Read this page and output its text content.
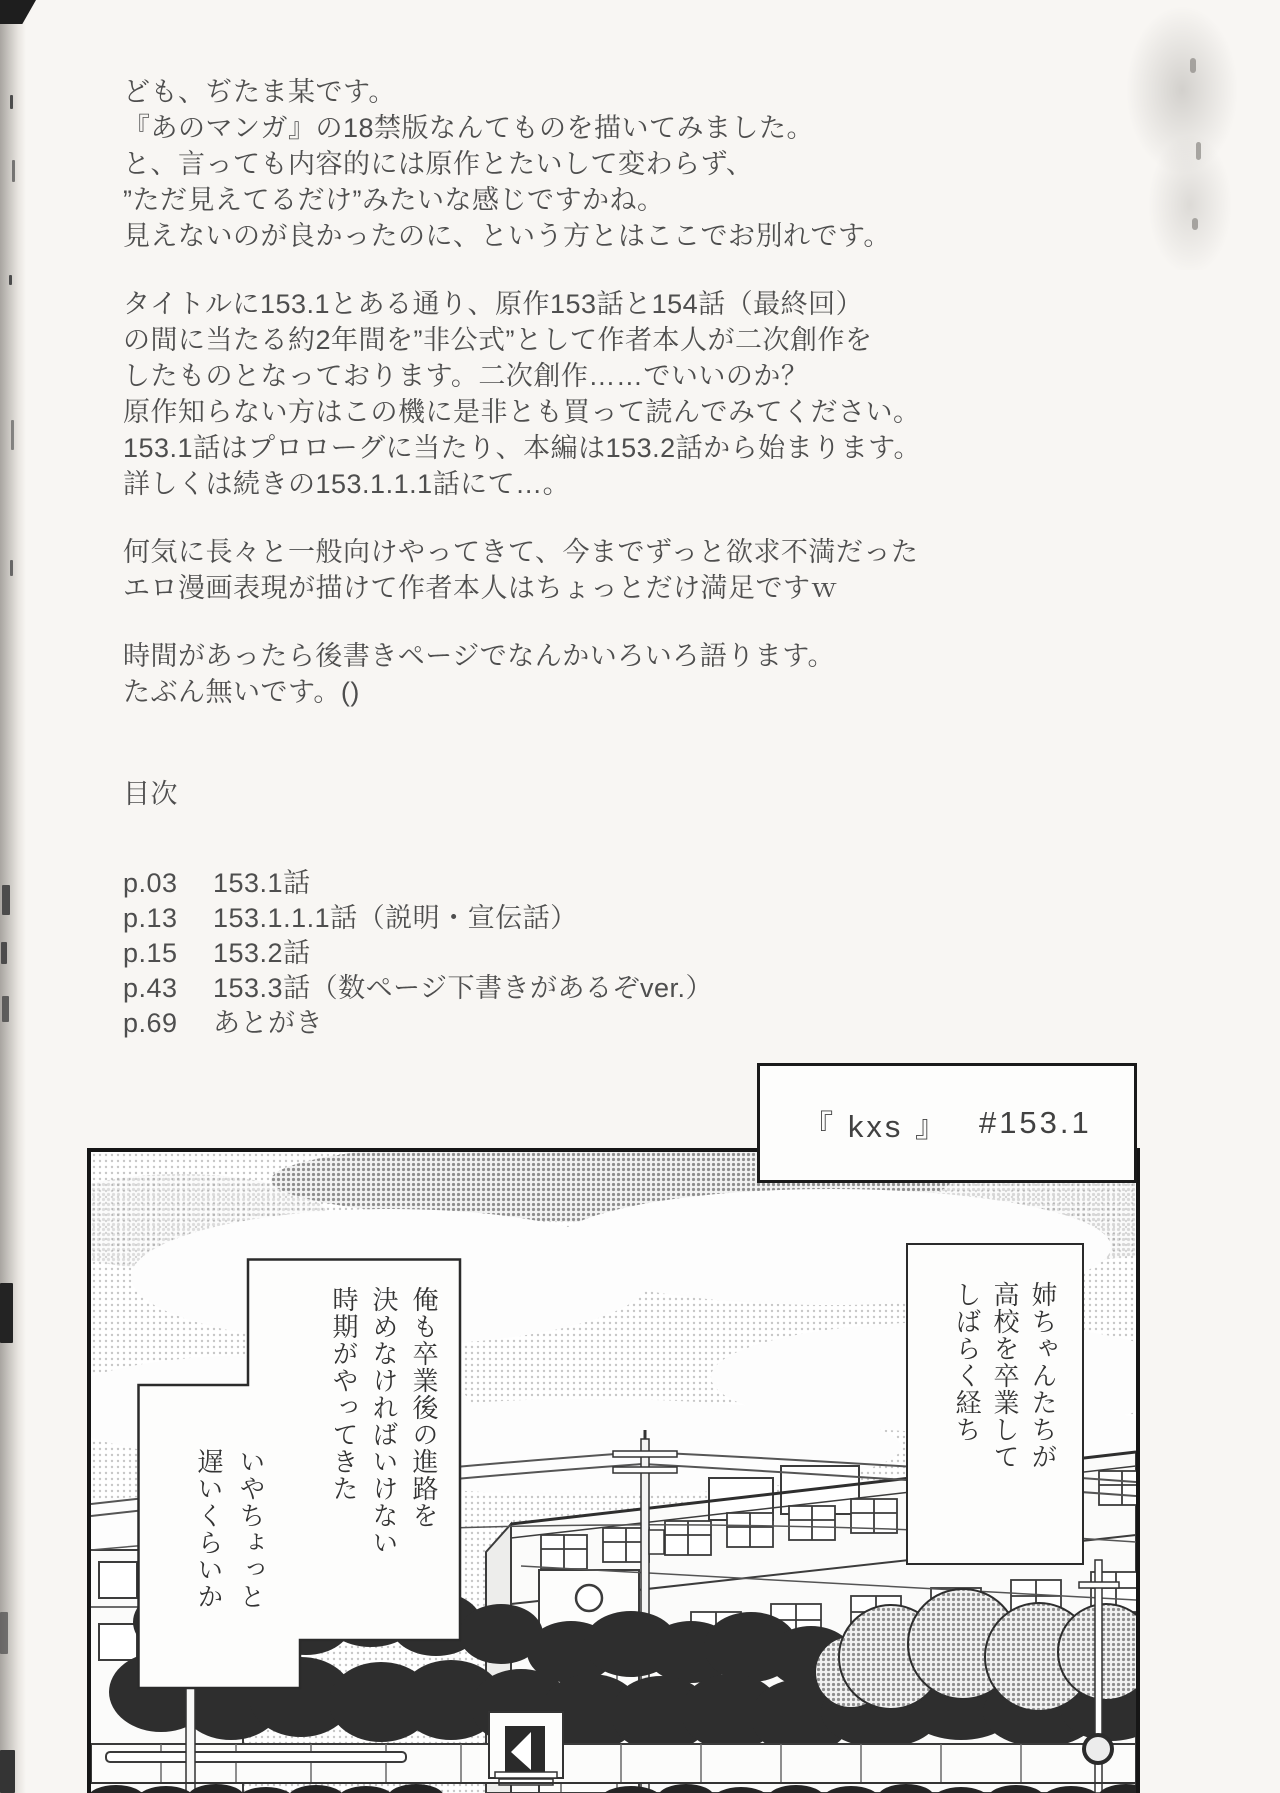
ども、ぢたま某です。
『あのマンガ』の18禁版なんてものを描いてみました。
と、言っても内容的には原作とたいして変わらず、
”ただ見えてるだけ”みたいな感じですかね。
見えないのが良かったのに、という方とはここでお別れです。
タイトルに153.1とある通り、原作153話と154話（最終回）
の間に当たる約2年間を”非公式”として作者本人が二次創作を
したものとなっております。二次創作……でいいのか？
原作知らない方はこの機に是非とも買って読んでみてください。
153.1話はプロローグに当たり、本編は153.2話から始まります。
詳しくは続きの153.1.1.1話にて…。
何気に長々と一般向けやってきて、今までずっと欲求不満だった
エロ漫画表現が描けて作者本人はちょっとだけ満足ですｗ
時間があったら後書きページでなんかいろいろ語ります。
たぶん無いです。()
目次
p.03	153.1話
p.13	153.1.1.1話（説明・宣伝話）
p.15	153.2話
p.43	153.3話（数ページ下書きがあるぞver.）
p.69	あとがき
『 kxs 』 #153.1
俺も卒業後の進路を
決めなければいけない
時期がやってきた
いやちょっと
遅いくらいか
姉ちゃんたちが
高校を卒業して
しばらく経ち
